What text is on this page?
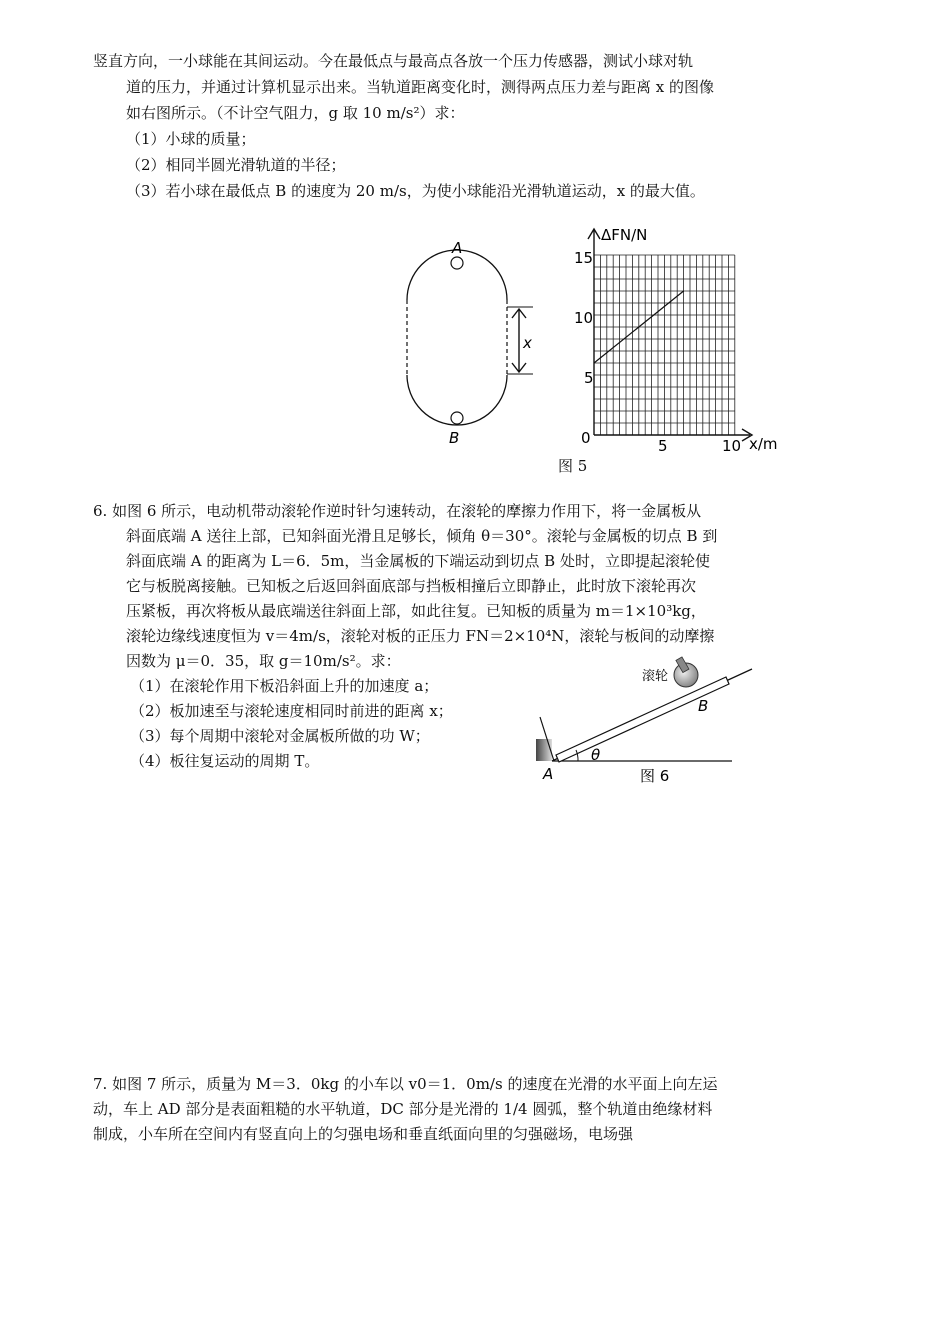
竖直方向，一小球能在其间运动。今在最低点与最高点各放一个压力传感器，测试小球对轨
道的压力，并通过计算机显示出来。当轨道距离变化时，测得两点压力差与距离 x 的图像
如右图所示。（不计空气阻力，g 取 10 m/s²）求：
（1）小球的质量；
（2）相同半圆光滑轨道的半径；
（3）若小球在最低点 B 的速度为 20 m/s，为使小球能沿光滑轨道运动，x 的最大值。
A
B
x
ΔFN/N
x/m
15
10
5
0	5	10
图 5
6. 如图 6 所示，电动机带动滚轮作逆时针匀速转动，在滚轮的摩擦力作用下，将一金属板从
斜面底端 A 送往上部，已知斜面光滑且足够长，倾角 θ＝30°。滚轮与金属板的切点 B 到
斜面底端 A 的距离为 L＝6．5m，当金属板的下端运动到切点 B 处时，立即提起滚轮使
它与板脱离接触。已知板之后返回斜面底部与挡板相撞后立即静止，此时放下滚轮再次
压紧板，再次将板从最底端送往斜面上部，如此往复。已知板的质量为 m＝1×10³kg，
滚轮边缘线速度恒为 v＝4m/s，滚轮对板的正压力 FN＝2×10⁴N，滚轮与板间的动摩擦
因数为 μ＝0．35，取 g＝10m/s²。求：
（1）在滚轮作用下板沿斜面上升的加速度 a；
（2）板加速至与滚轮速度相同时前进的距离 x；
（3）每个周期中滚轮对金属板所做的功 W；
（4）板往复运动的周期 T。
滚轮
B
A
θ
图 6
7. 如图 7 所示，质量为 M＝3．0kg 的小车以 v0＝1．0m/s 的速度在光滑的水平面上向左运
动，车上 AD 部分是表面粗糙的水平轨道，DC 部分是光滑的 1/4 圆弧，整个轨道由绝缘材料
制成，小车所在空间内有竖直向上的匀强电场和垂直纸面向里的匀强磁场，电场强
